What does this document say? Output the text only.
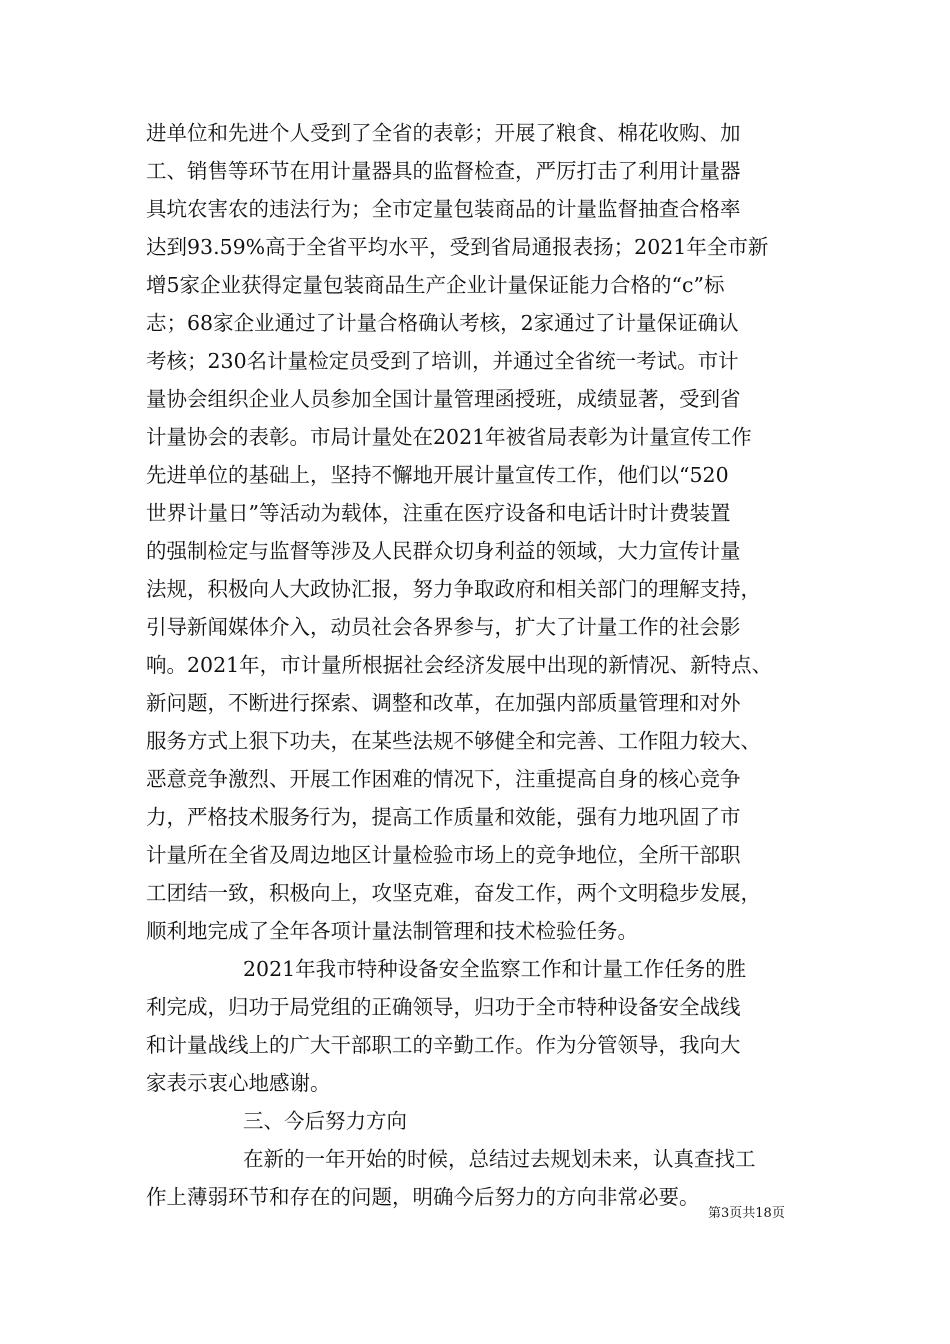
进单位和先进个人受到了全省的表彰；开展了粮食、棉花收购、加
工、销售等环节在用计量器具的监督检查，严厉打击了利用计量器
具坑农害农的违法行为；全市定量包装商品的计量监督抽查合格率
达到93.59%高于全省平均水平，受到省局通报表扬；2021年全市新
增5家企业获得定量包装商品生产企业计量保证能力合格的“c”标
志；68家企业通过了计量合格确认考核，2家通过了计量保证确认
考核；230名计量检定员受到了培训，并通过全省统一考试。市计
量协会组织企业人员参加全国计量管理函授班，成绩显著，受到省
计量协会的表彰。市局计量处在2021年被省局表彰为计量宣传工作
先进单位的基础上，坚持不懈地开展计量宣传工作，他们以“520
世界计量日”等活动为载体，注重在医疗设备和电话计时计费装置
的强制检定与监督等涉及人民群众切身利益的领域，大力宣传计量
法规，积极向人大政协汇报，努力争取政府和相关部门的理解支持，
引导新闻媒体介入，动员社会各界参与，扩大了计量工作的社会影
响。2021年，市计量所根据社会经济发展中出现的新情况、新特点、
新问题，不断进行探索、调整和改革，在加强内部质量管理和对外
服务方式上狠下功夫，在某些法规不够健全和完善、工作阻力较大、
恶意竞争激烈、开展工作困难的情况下，注重提高自身的核心竞争
力，严格技术服务行为，提高工作质量和效能，强有力地巩固了市
计量所在全省及周边地区计量检验市场上的竞争地位，全所干部职
工团结一致，积极向上，攻坚克难，奋发工作，两个文明稳步发展，
顺利地完成了全年各项计量法制管理和技术检验任务。
2021年我市特种设备安全监察工作和计量工作任务的胜
利完成，归功于局党组的正确领导，归功于全市特种设备安全战线
和计量战线上的广大干部职工的辛勤工作。作为分管领导，我向大
家表示衷心地感谢。
三、今后努力方向
在新的一年开始的时候，总结过去规划未来，认真查找工
作上薄弱环节和存在的问题，明确今后努力的方向非常必要。
第3页共18页
